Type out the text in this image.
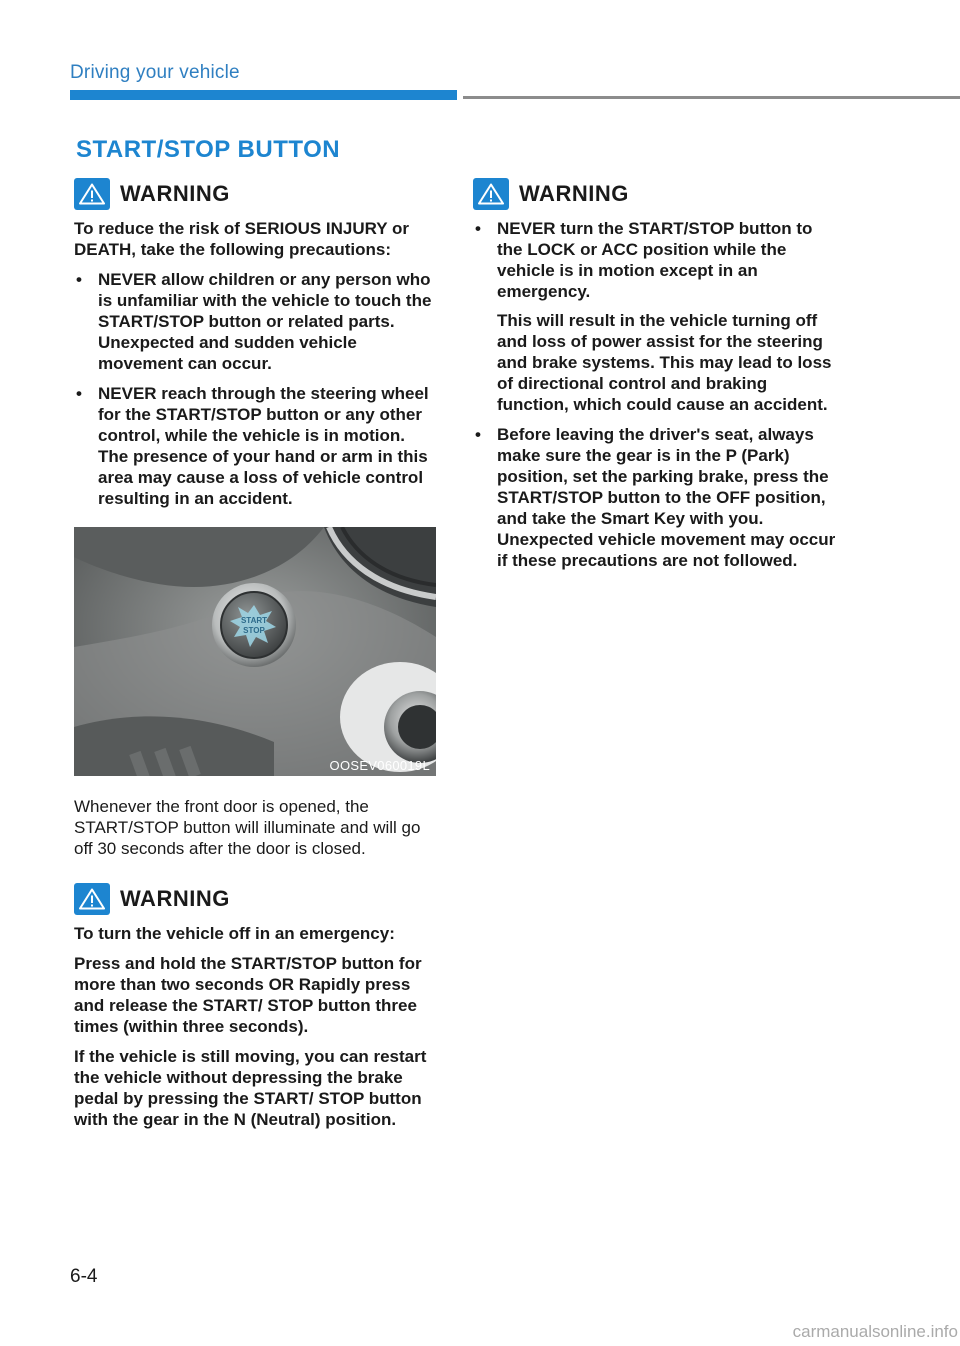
Driving your vehicle
START/STOP BUTTON
WARNING

To reduce the risk of SERIOUS INJURY or DEATH, take the following precautions:

• NEVER allow children or any person who is unfamiliar with the vehicle to touch the START/STOP button or related parts. Unexpected and sudden vehicle movement can occur.
• NEVER reach through the steering wheel for the START/STOP button or any other control, while the vehicle is in motion. The presence of your hand or arm in this area may cause a loss of vehicle control resulting in an accident.
START
STOP
OOSEV060019L

Whenever the front door is opened, the START/STOP button will illuminate and will go off 30 seconds after the door is closed.

WARNING

To turn the vehicle off in an emergency:

Press and hold the START/STOP button for more than two seconds OR Rapidly press and release the START/ STOP button three times (within three seconds).

If the vehicle is still moving, you can restart the vehicle without depressing the brake pedal by pressing the START/ STOP button with the gear in the N (Neutral) position.

WARNING
• NEVER turn the START/STOP button to the LOCK or ACC position while the vehicle is in motion except in an emergency.

This will result in the vehicle turning off and loss of power assist for the steering and brake systems. This may lead to loss of directional control and braking function, which could cause an accident.

• Before leaving the driver's seat, always make sure the gear is in the P (Park) position, set the parking brake, press the START/STOP button to the OFF position, and take the Smart Key with you. Unexpected vehicle movement may occur if these precautions are not followed.

6-4
carmanualsonline.info
